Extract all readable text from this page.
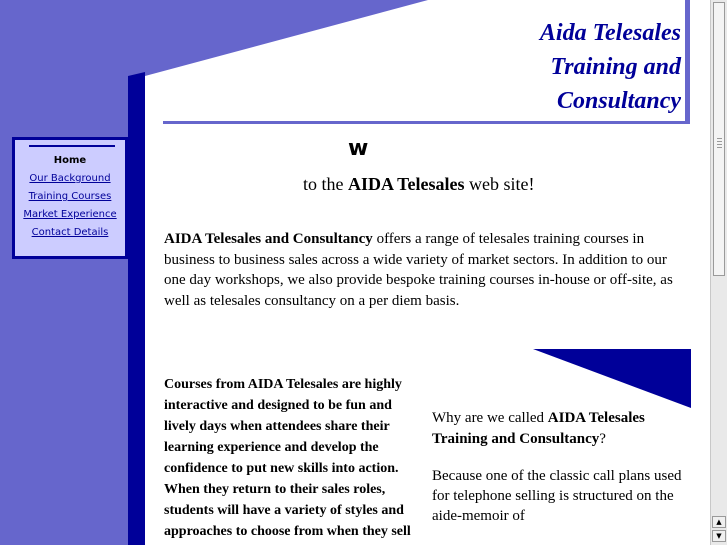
Aida Telesales
Training and
Consultancy
Home
Our Background
Training Courses
Market Experience
Contact Details
w
to the AIDA Telesales web site!

AIDA Telesales and Consultancy offers a range of telesales training courses in business to business sales across a wide variety of market sectors. In addition to our one day workshops, we also provide bespoke training courses in-house or off-site, as well as telesales consultancy on a per diem basis.

Courses from AIDA Telesales are highly interactive and designed to be fun and lively days when attendees share their learning experience and develop the confidence to put new skills into action. When they return to their sales roles, students will have a variety of styles and approaches to choose from when they sell

Why are we called AIDA Telesales Training and Consultancy?

Because one of the classic call plans used for telephone selling is structured on the aide-memoir of	▲
▼
